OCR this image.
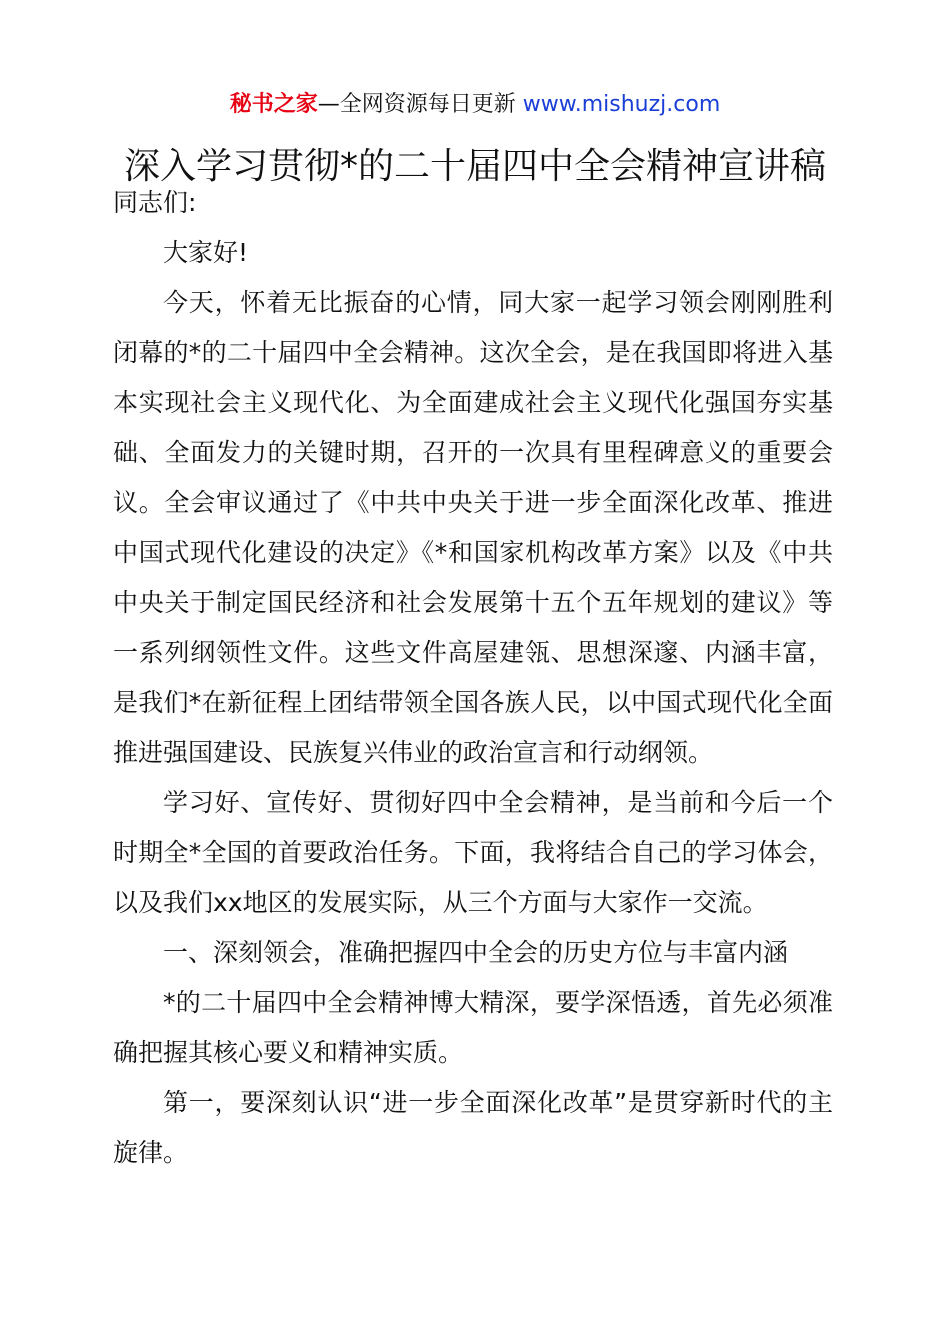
秘书之家—全网资源每日更新 www.mishuzj.com
深入学习贯彻*的二十届四中全会精神宣讲稿

同志们:

大家好!

今天，怀着无比振奋的心情，同大家一起学习领会刚刚胜利闭幕的*的二十届四中全会精神。这次全会，是在我国即将进入基本实现社会主义现代化、为全面建成社会主义现代化强国夯实基础、全面发力的关键时期，召开的一次具有里程碑意义的重要会议。全会审议通过了《中共中央关于进一步全面深化改革、推进中国式现代化建设的决定》《*和国家机构改革方案》以及《中共中央关于制定国民经济和社会发展第十五个五年规划的建议》等一系列纲领性文件。这些文件高屋建瓴、思想深邃、内涵丰富，是我们*在新征程上团结带领全国各族人民，以中国式现代化全面推进强国建设、民族复兴伟业的政治宣言和行动纲领。

学习好、宣传好、贯彻好四中全会精神，是当前和今后一个时期全*全国的首要政治任务。下面，我将结合自己的学习体会，以及我们xx地区的发展实际，从三个方面与大家作一交流。

一、深刻领会，准确把握四中全会的历史方位与丰富内涵

*的二十届四中全会精神博大精深，要学深悟透，首先必须准确把握其核心要义和精神实质。

第一，要深刻认识“进一步全面深化改革”是贯穿新时代的主旋律。
